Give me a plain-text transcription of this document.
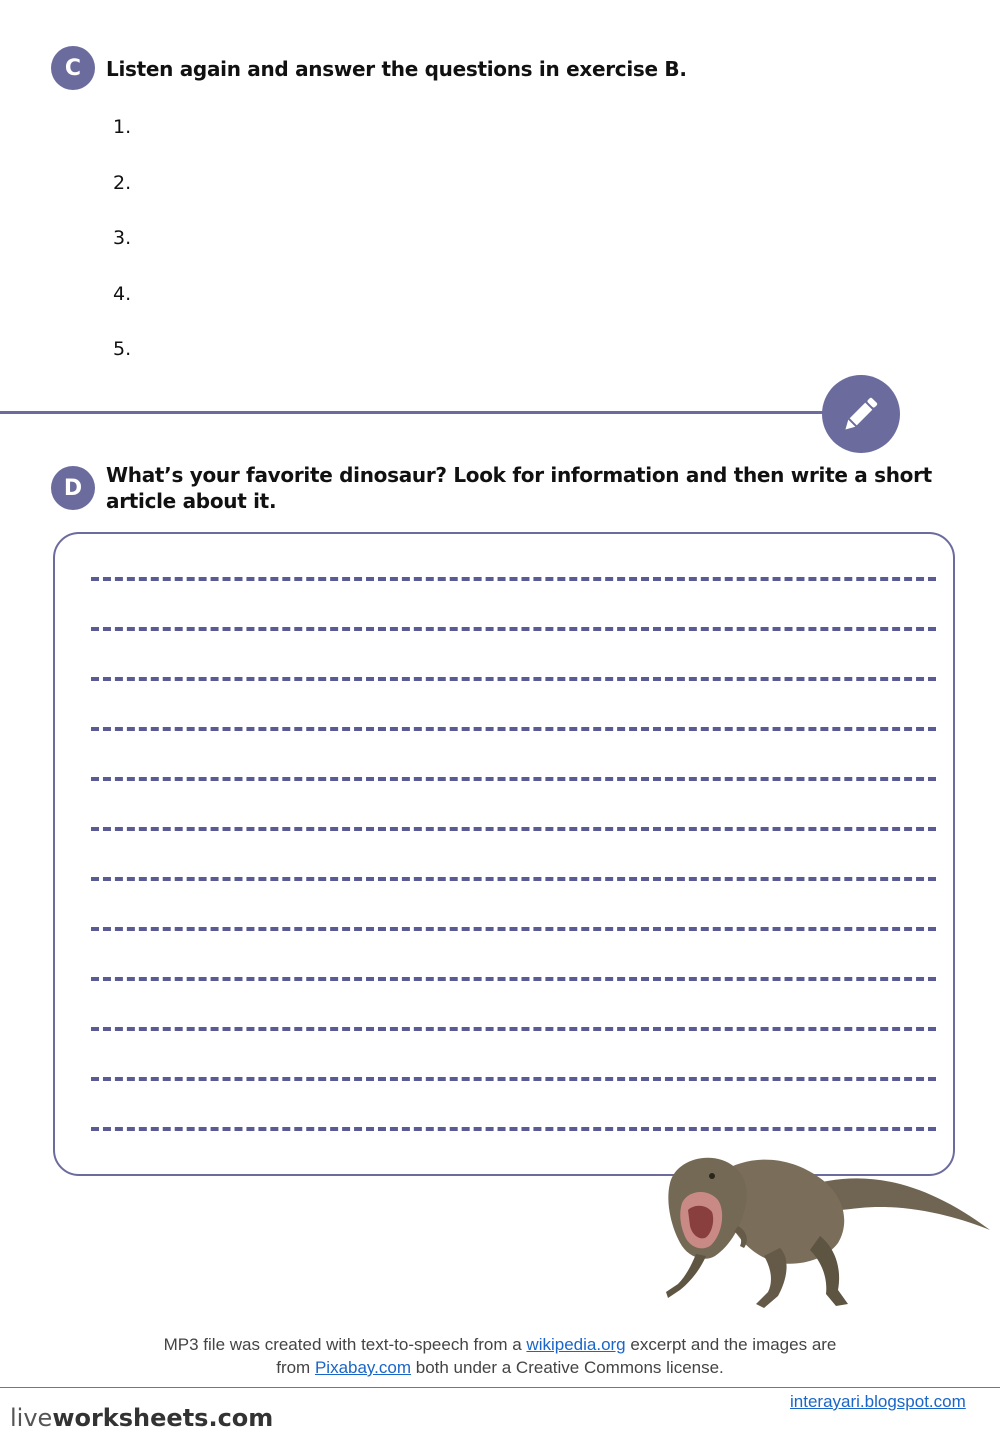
C Listen again and answer the questions in exercise B.
1.
2.
3.
4.
5.
D
What’s your favorite dinosaur? Look for information and then write a short
article about it.
MP3 file was created with text-to-speech from a wikipedia.org excerpt and the images are
from Pixabay.com both under a Creative Commons license.
liveworksheets.com
interayari.blogspot.com
